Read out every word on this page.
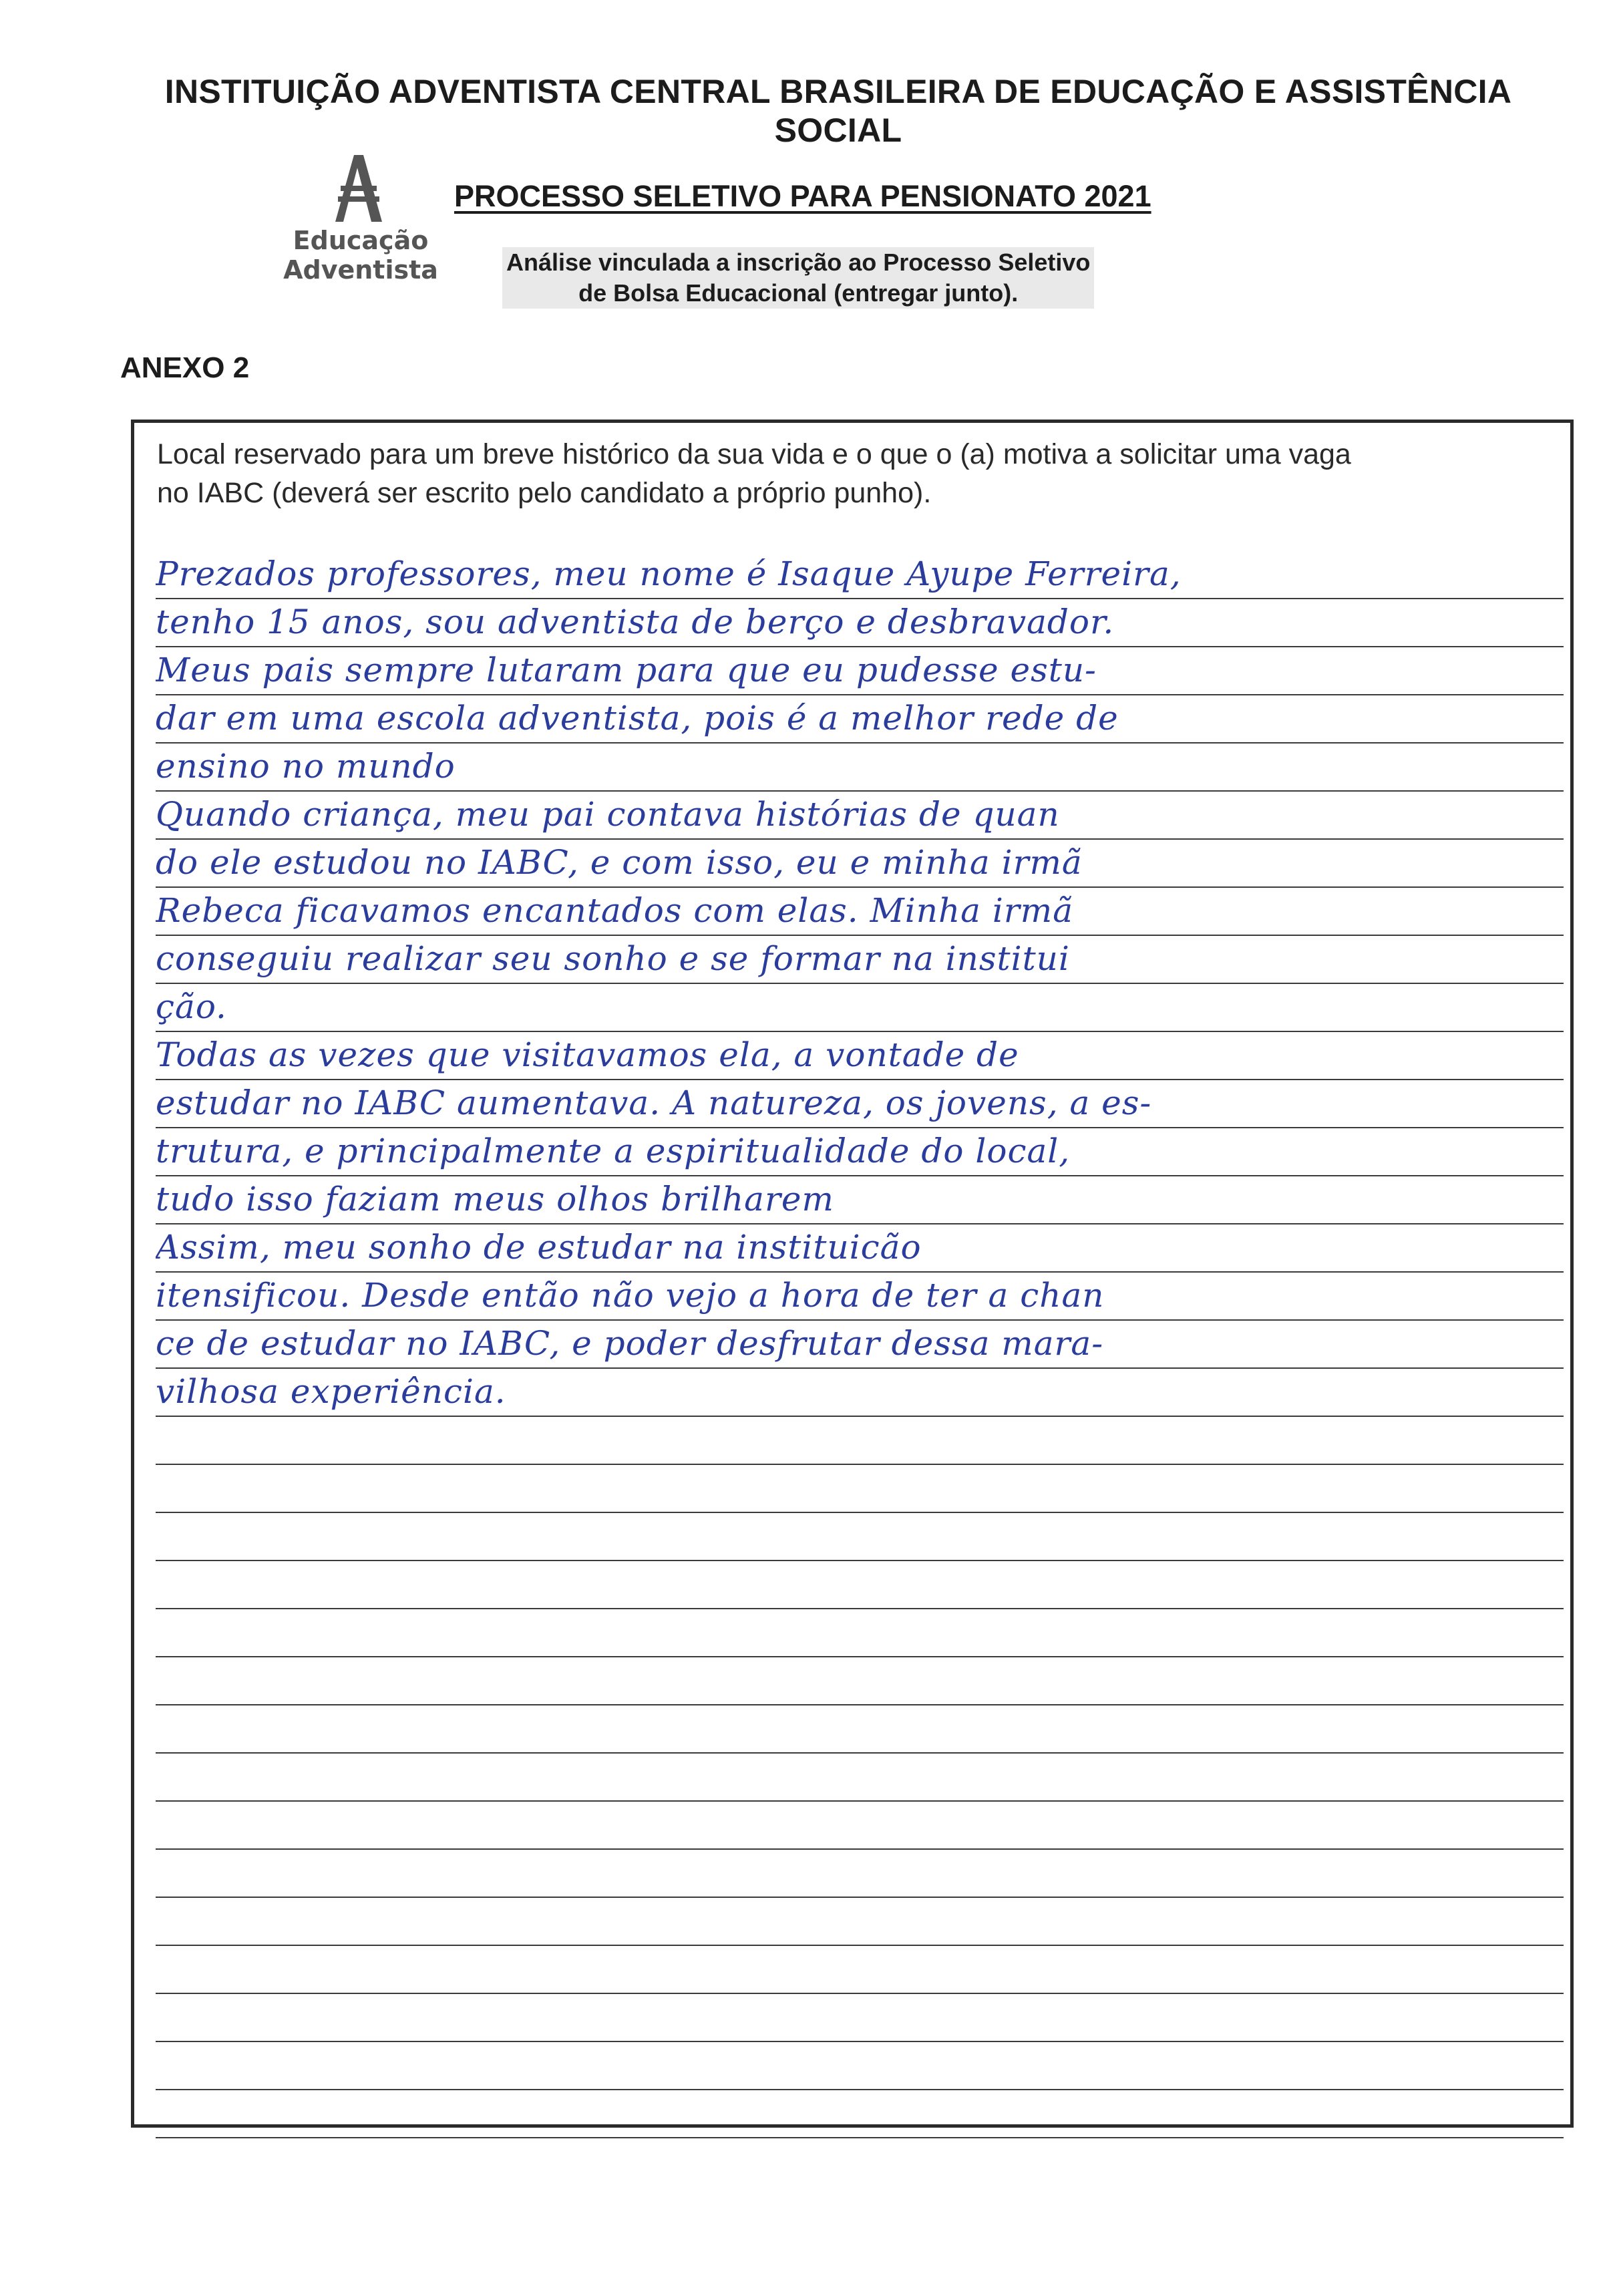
INSTITUIÇÃO ADVENTISTA CENTRAL BRASILEIRA DE EDUCAÇÃO E ASSISTÊNCIA
SOCIAL
Educação
Adventista
PROCESSO SELETIVO PARA PENSIONATO 2021
Análise vinculada a inscrição ao Processo Seletivo
de Bolsa Educacional (entregar junto).
ANEXO 2
Local reservado para um breve histórico da sua vida e o que o (a) motiva a solicitar uma vaga
no IABC (deverá ser escrito pelo candidato a próprio punho).
Prezados professores, meu nome é Isaque Ayupe Ferreira,
tenho 15 anos, sou adventista de berço e desbravador.
Meus pais sempre lutaram para que eu pudesse estu-
dar em uma escola adventista, pois é a melhor rede de
ensino no mundo
Quando criança, meu pai contava histórias de quan
do ele estudou no IABC, e com isso, eu e minha irmã
Rebeca ficavamos encantados com elas. Minha irmã
conseguiu realizar seu sonho e se formar na institui
ção.
Todas as vezes que visitavamos ela, a vontade de
estudar no IABC aumentava. A natureza, os jovens, a es-
trutura, e principalmente a espiritualidade do local,
tudo isso faziam meus olhos brilharem
Assim, meu sonho de estudar na instituicão
itensificou. Desde então não vejo a hora de ter a chan
ce de estudar no IABC, e poder desfrutar dessa mara-
vilhosa experiência.
